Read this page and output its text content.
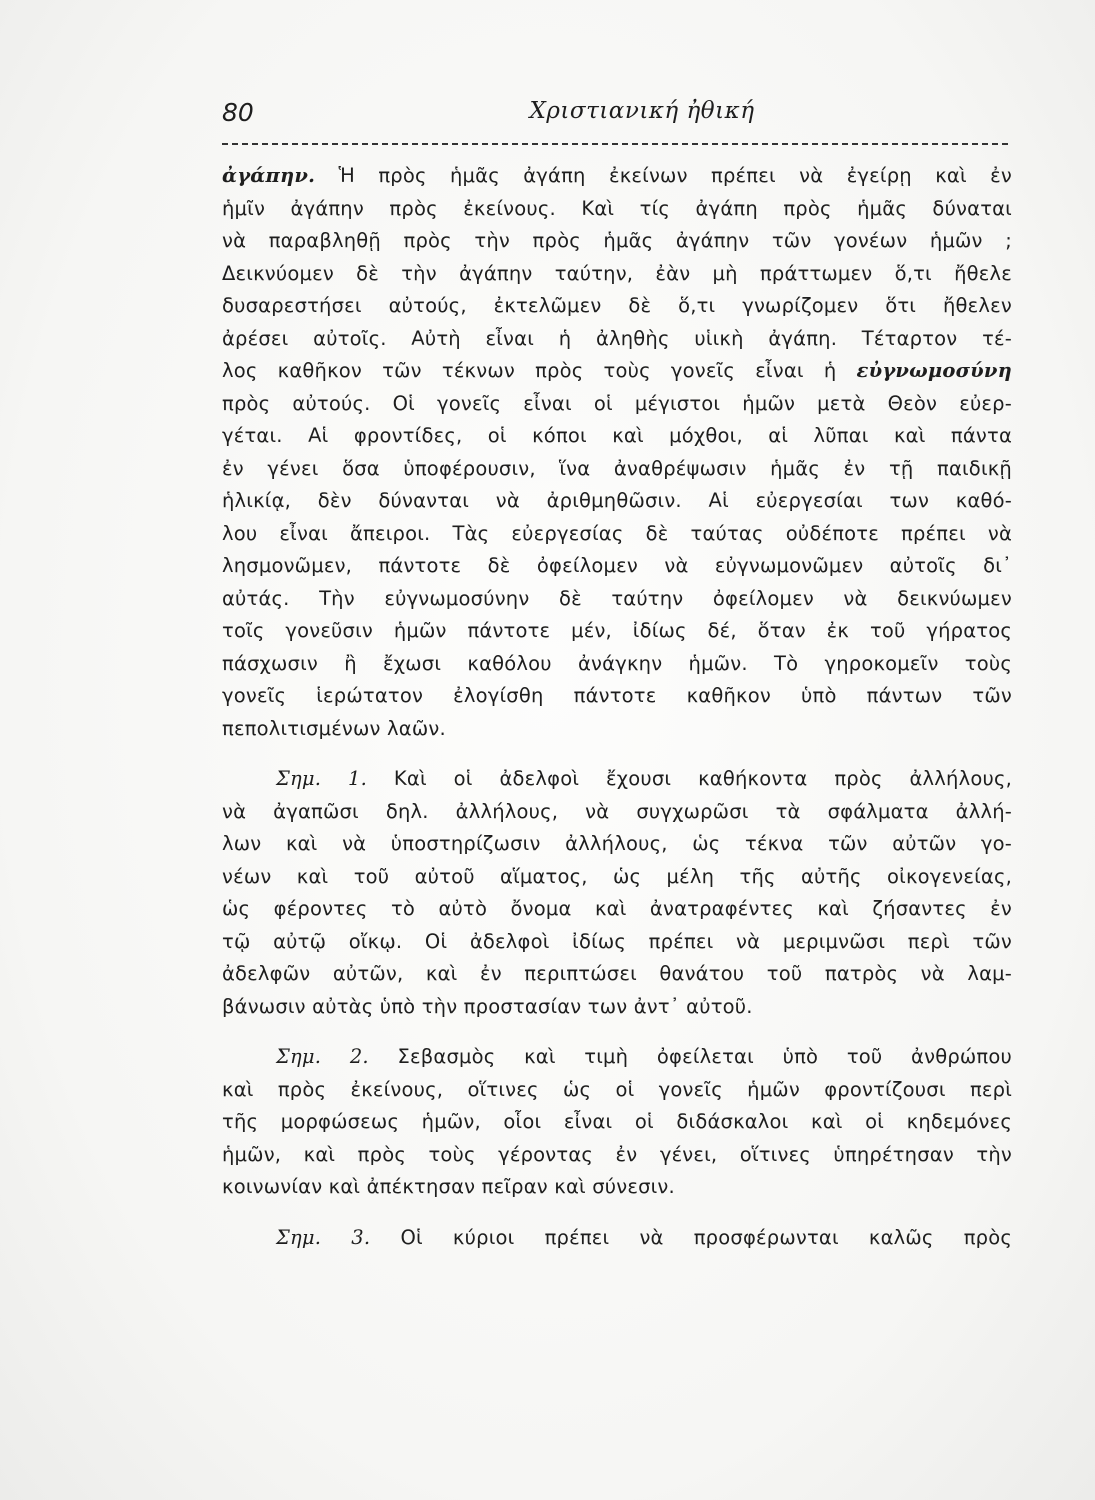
80	Χριστιανική ἠθική
ἀγάπην. Ἡ πρὸς ἡμᾶς ἀγάπη ἐκείνων πρέπει νὰ ἐγείρῃ καὶ ἐν
ἡμῖν ἀγάπην πρὸς ἐκείνους. Καὶ τίς ἀγάπη πρὸς ἡμᾶς δύναται
νὰ παραβληθῇ πρὸς τὴν πρὸς ἡμᾶς ἀγάπην τῶν γονέων ἡμῶν ;
Δεικνύομεν δὲ τὴν ἀγάπην ταύτην, ἐὰν μὴ πράττωμεν ὅ,τι ἤθελε
δυσαρεστήσει αὐτούς, ἐκτελῶμεν δὲ ὅ,τι γνωρίζομεν ὅτι ἤθελεν
ἀρέσει αὐτοῖς. Αὐτὴ εἶναι ἡ ἀληθὴς υἱικὴ ἀγάπη. Τέταρτον τέ-
λος καθῆκον τῶν τέκνων πρὸς τοὺς γονεῖς εἶναι ἡ εὐγνωμοσύνη
πρὸς αὐτούς. Οἱ γονεῖς εἶναι οἱ μέγιστοι ἡμῶν μετὰ Θεὸν εὐερ-
γέται. Αἱ φροντίδες, οἱ κόποι καὶ μόχθοι, αἱ λῦπαι καὶ πάντα
ἐν γένει ὅσα ὑποφέρουσιν, ἵνα ἀναθρέψωσιν ἡμᾶς ἐν τῇ παιδικῇ
ἡλικίᾳ, δὲν δύνανται νὰ ἀριθμηθῶσιν. Αἱ εὐεργεσίαι των καθό-
λου εἶναι ἄπειροι. Τὰς εὐεργεσίας δὲ ταύτας οὐδέποτε πρέπει νὰ
λησμονῶμεν, πάντοτε δὲ ὀφείλομεν νὰ εὐγνωμονῶμεν αὐτοῖς δι᾽
αὐτάς. Τὴν εὐγνωμοσύνην δὲ ταύτην ὀφείλομεν νὰ δεικνύωμεν
τοῖς γονεῦσιν ἡμῶν πάντοτε μέν, ἰδίως δέ, ὅταν ἐκ τοῦ γήρατος
πάσχωσιν ἢ ἔχωσι καθόλου ἀνάγκην ἡμῶν. Τὸ γηροκομεῖν τοὺς
γονεῖς ἱερώτατον ἐλογίσθη πάντοτε καθῆκον ὑπὸ πάντων τῶν
πεπολιτισμένων λαῶν.
Σημ. 1. Καὶ οἱ ἀδελφοὶ ἔχουσι καθήκοντα πρὸς ἀλλήλους,
νὰ ἀγαπῶσι δηλ. ἀλλήλους, νὰ συγχωρῶσι τὰ σφάλματα ἀλλή-
λων καὶ νὰ ὑποστηρίζωσιν ἀλλήλους, ὡς τέκνα τῶν αὐτῶν γο-
νέων καὶ τοῦ αὐτοῦ αἵματος, ὡς μέλη τῆς αὐτῆς οἰκογενείας,
ὡς φέροντες τὸ αὐτὸ ὄνομα καὶ ἀνατραφέντες καὶ ζήσαντες ἐν
τῷ αὐτῷ οἴκῳ. Οἱ ἀδελφοὶ ἰδίως πρέπει νὰ μεριμνῶσι περὶ τῶν
ἀδελφῶν αὐτῶν, καὶ ἐν περιπτώσει θανάτου τοῦ πατρὸς νὰ λαμ-
βάνωσιν αὐτὰς ὑπὸ τὴν προστασίαν των ἀντ᾽ αὐτοῦ.
Σημ. 2. Σεβασμὸς καὶ τιμὴ ὀφείλεται ὑπὸ τοῦ ἀνθρώπου
καὶ πρὸς ἐκείνους, οἵτινες ὡς οἱ γονεῖς ἡμῶν φροντίζουσι περὶ
τῆς μορφώσεως ἡμῶν, οἷοι εἶναι οἱ διδάσκαλοι καὶ οἱ κηδεμόνες
ἡμῶν, καὶ πρὸς τοὺς γέροντας ἐν γένει, οἵτινες ὑπηρέτησαν τὴν
κοινωνίαν καὶ ἀπέκτησαν πεῖραν καὶ σύνεσιν.
Σημ. 3. Οἱ κύριοι πρέπει νὰ προσφέρωνται καλῶς πρὸς
